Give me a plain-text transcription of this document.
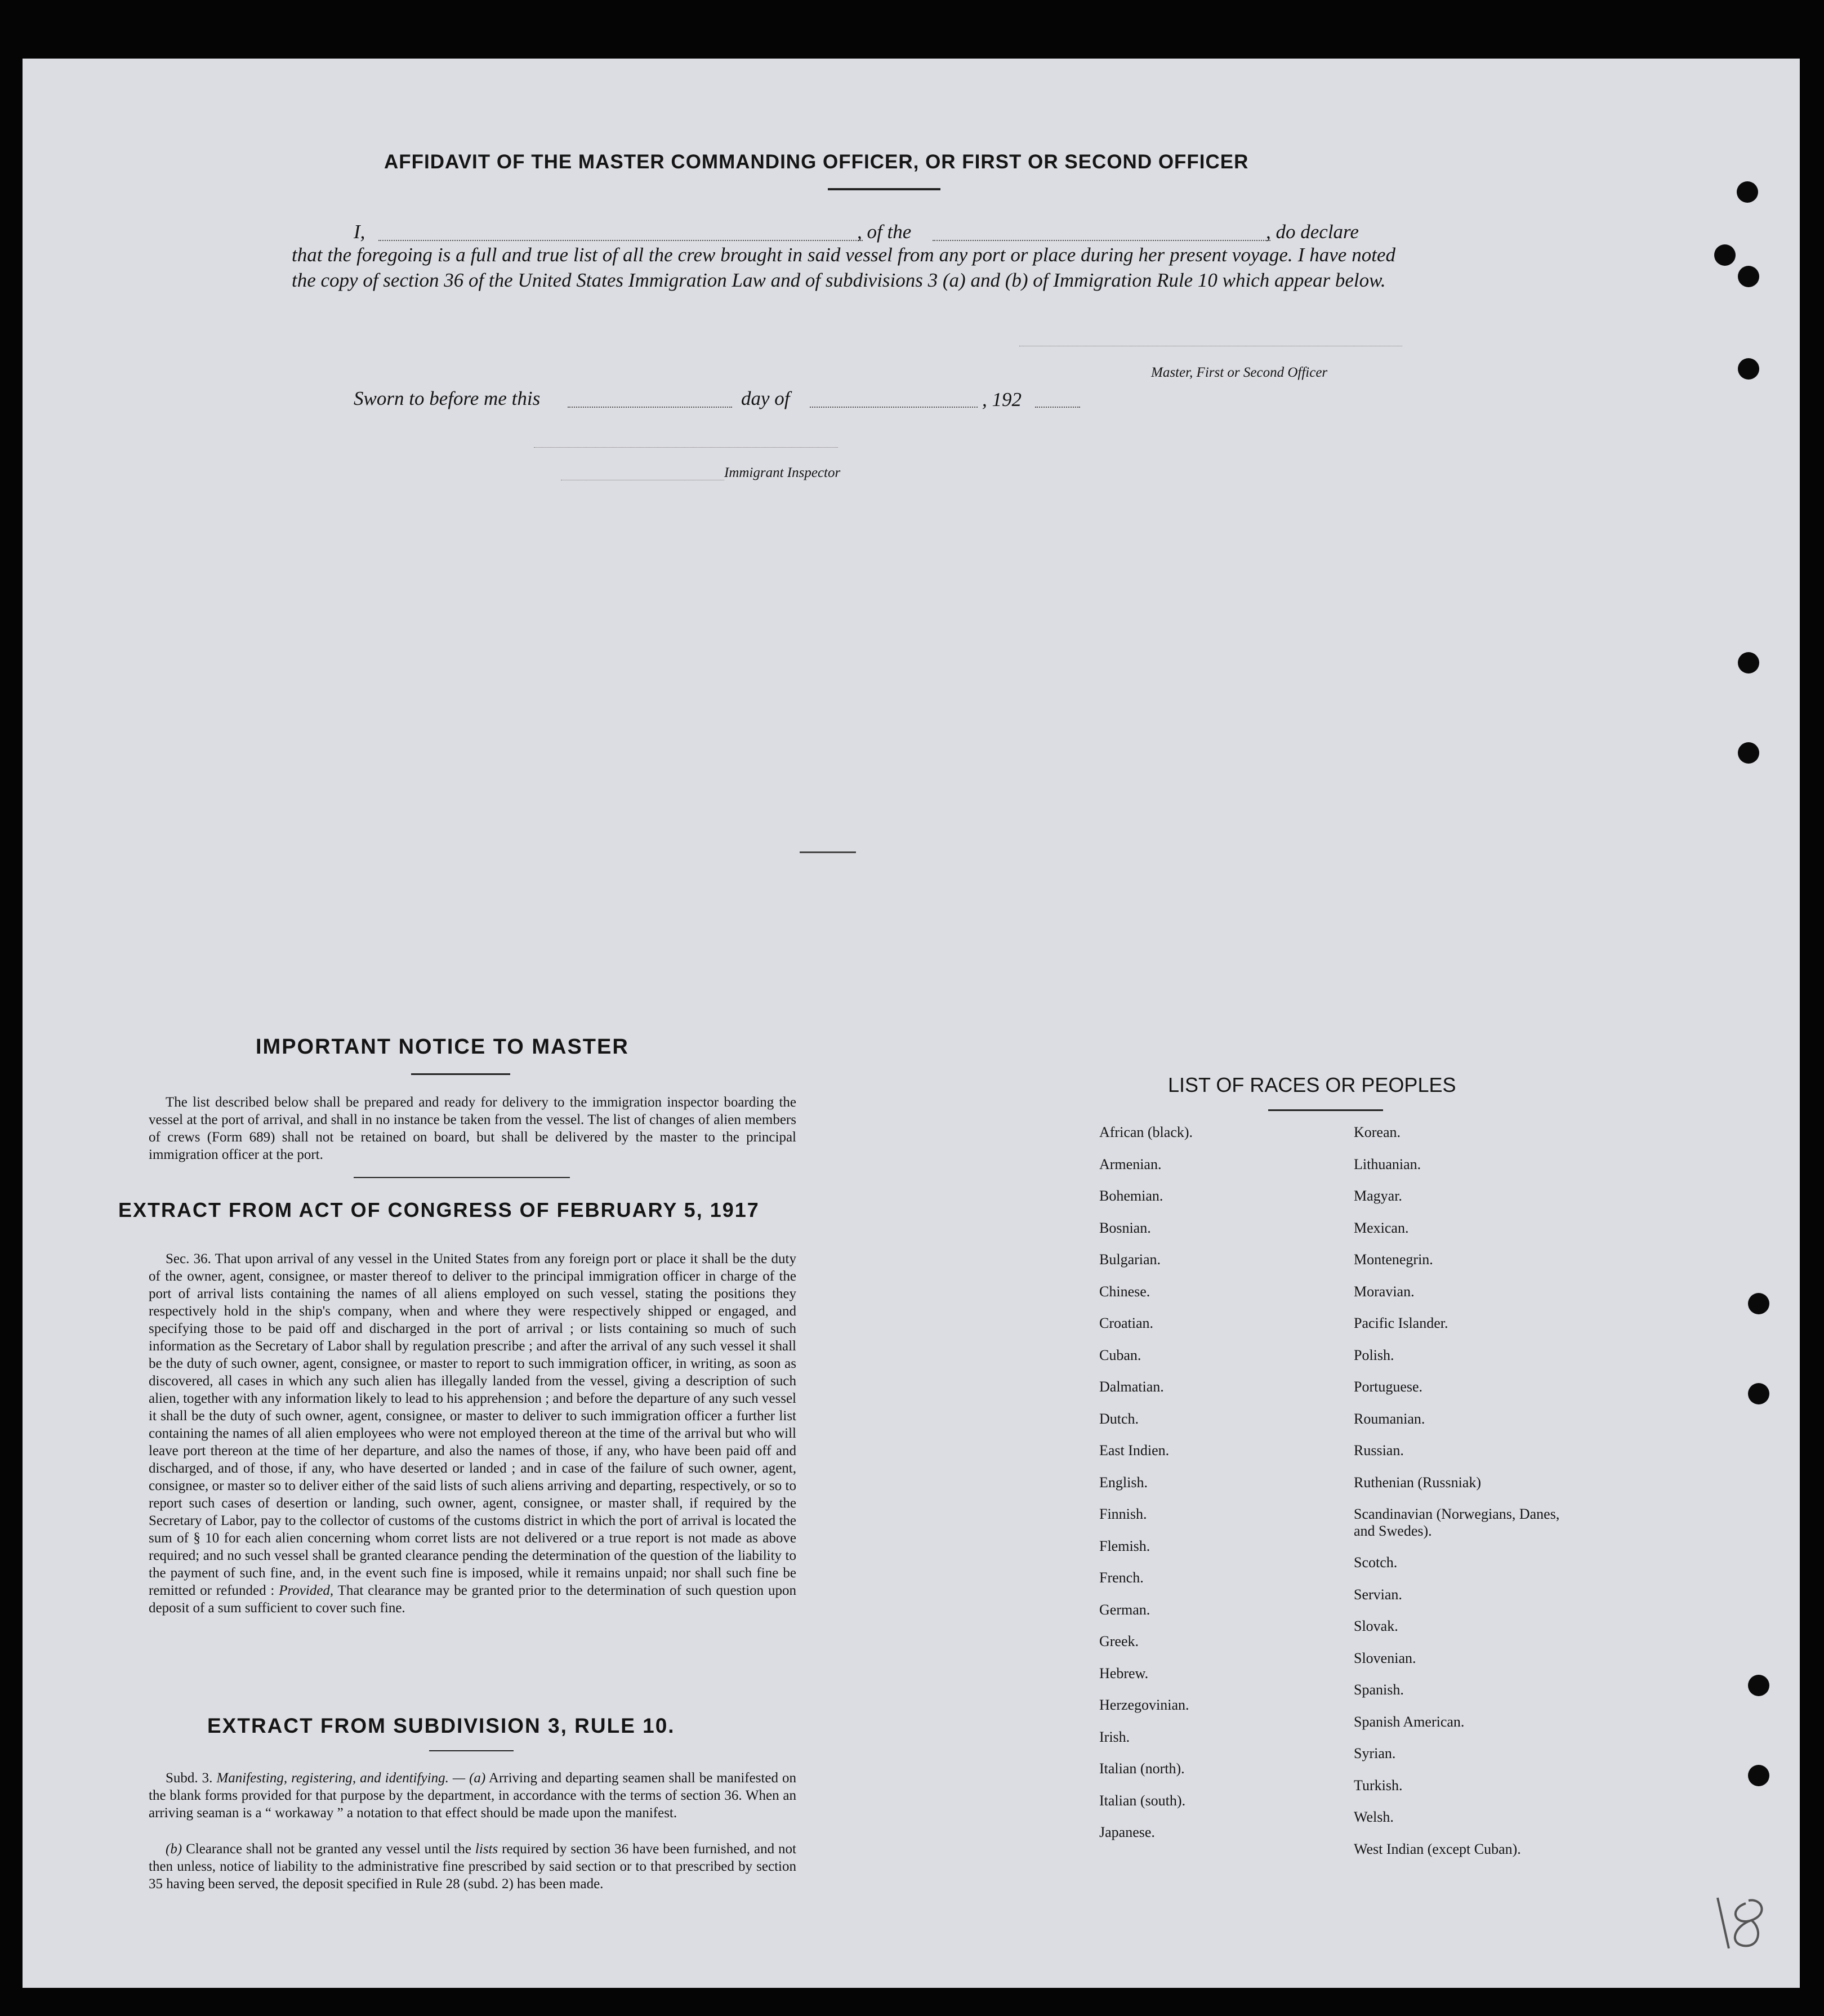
AFFIDAVIT OF THE MASTER COMMANDING OFFICER, OR FIRST OR SECOND OFFICER
I,	, of the	, do declare
that the foregoing is a full and true list of all the crew brought in said vessel from any port or place during her present voyage. I have noted the copy of section 36 of the United States Immigration Law and of subdivisions 3 (a) and (b) of Immigration Rule 10 which appear below.
Master, First or Second Officer
Sworn to before me this	day of	, 192
Immigrant Inspector
IMPORTANT NOTICE TO MASTER
The list described below shall be prepared and ready for delivery to the immigration inspector boarding the vessel at the port of arrival, and shall in no instance be taken from the vessel. The list of changes of alien members of crews (Form 689) shall not be retained on board, but shall be delivered by the master to the principal immigration officer at the port.
EXTRACT FROM ACT OF CONGRESS OF FEBRUARY 5, 1917
Sec. 36. That upon arrival of any vessel in the United States from any foreign port or place it shall be the duty of the owner, agent, consignee, or master thereof to deliver to the principal immigration officer in charge of the port of arrival lists containing the names of all aliens employed on such vessel, stating the positions they respectively hold in the ship's company, when and where they were respectively shipped or engaged, and specifying those to be paid off and discharged in the port of arrival ; or lists containing so much of such information as the Secretary of Labor shall by regulation prescribe ; and after the arrival of any such vessel it shall be the duty of such owner, agent, consignee, or master to report to such immigration officer, in writing, as soon as discovered, all cases in which any such alien has illegally landed from the vessel, giving a description of such alien, together with any information likely to lead to his apprehension ; and before the departure of any such vessel it shall be the duty of such owner, agent, consignee, or master to deliver to such immigration officer a further list containing the names of all alien employees who were not employed thereon at the time of the arrival but who will leave port thereon at the time of her departure, and also the names of those, if any, who have been paid off and discharged, and of those, if any, who have deserted or landed ; and in case of the failure of such owner, agent, consignee, or master so to deliver either of the said lists of such aliens arriving and departing, respectively, or so to report such cases of desertion or landing, such owner, agent, consignee, or master shall, if required by the Secretary of Labor, pay to the collector of customs of the customs district in which the port of arrival is located the sum of § 10 for each alien concerning whom corret lists are not delivered or a true report is not made as above required; and no such vessel shall be granted clearance pending the determination of the question of the liability to the payment of such fine, and, in the event such fine is imposed, while it remains unpaid; nor shall such fine be remitted or refunded : Provided, That clearance may be granted prior to the determination of such question upon deposit of a sum sufficient to cover such fine.
EXTRACT FROM SUBDIVISION 3, RULE 10.
Subd. 3. Manifesting, registering, and identifying. — (a) Arriving and departing seamen shall be manifested on the blank forms provided for that purpose by the department, in accordance with the terms of section 36. When an arriving seaman is a “ workaway ” a notation to that effect should be made upon the manifest.
(b) Clearance shall not be granted any vessel until the lists required by section 36 have been furnished, and not then unless, notice of liability to the administrative fine prescribed by said section or to that prescribed by section 35 having been served, the deposit specified in Rule 28 (subd. 2) has been made.
LIST OF RACES OR PEOPLES
African (black).
Armenian.
Bohemian.
Bosnian.
Bulgarian.
Chinese.
Croatian.
Cuban.
Dalmatian.
Dutch.
East Indien.
English.
Finnish.
Flemish.
French.
German.
Greek.
Hebrew.
Herzegovinian.
Irish.
Italian (north).
Italian (south).
Japanese.
Korean.
Lithuanian.
Magyar.
Mexican.
Montenegrin.
Moravian.
Pacific Islander.
Polish.
Portuguese.
Roumanian.
Russian.
Ruthenian (Russniak)
Scandinavian (Norwegians, Danes, and Swedes).
Scotch.
Servian.
Slovak.
Slovenian.
Spanish.
Spanish American.
Syrian.
Turkish.
Welsh.
West Indian (except Cuban).
